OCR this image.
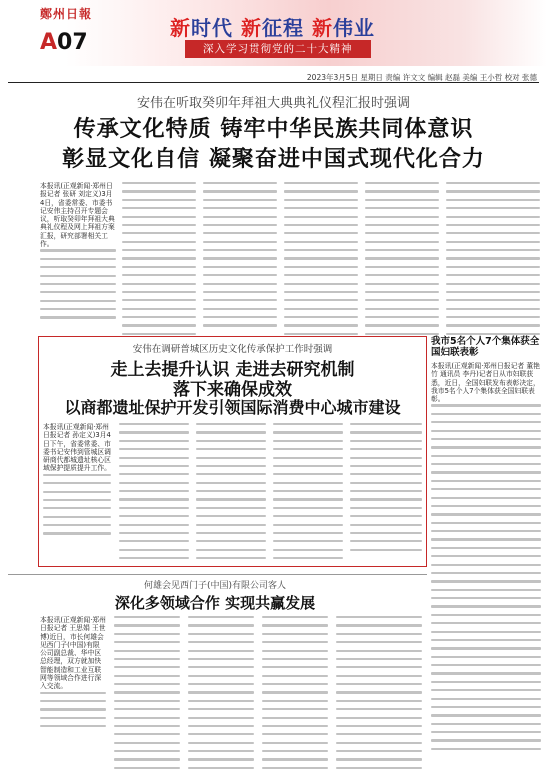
鄭州日報
A07
新时代 新征程 新伟业
深入学习贯彻党的二十大精神
2023年3月5日 星期日 责编 许文文 编辑 赵磊 美编 王小哲 校对 张德
安伟在听取癸卯年拜祖大典典礼仪程汇报时强调
传承文化特质 铸牢中华民族共同体意识
彰显文化自信 凝聚奋进中国式现代化合力
本报讯(正观新闻·郑州日报记者 张研 刘定义)3月4日，省委常委、市委书记安伟主持召开专题会议，听取癸卯年拜祖大典典礼仪程及网上拜祖方案汇报，研究部署相关工作。
安伟在调研普城区历史文化传承保护工作时强调
走上去提升认识 走进去研究机制
落下来确保成效
以商都遗址保护开发引领国际消费中心城市建设
本报讯(正观新闻·郑州日报记者 孙定义)3月4日下午，省委常委、市委书记安伟到管城区调研商代都城遗址核心区域保护提质提升工作。
我市5名个人7个集体获全国妇联表彰
本报讯(正观新闻·郑州日报记者 董艳竹 通讯员 李丹)记者日从市妇联获悉，近日，全国妇联发布表彰决定，我市5名个人7个集体获全国妇联表彰。
何雄会见西门子(中国)有限公司客人
深化多领域合作 实现共赢发展
本报讯(正观新闻·郑州日报记者 王思娟 王世博)近日，市长何雄会见西门子(中国)有限公司副总裁、华中区总经理，双方就加快智能制造和工业互联网等领域合作进行深入交流。
